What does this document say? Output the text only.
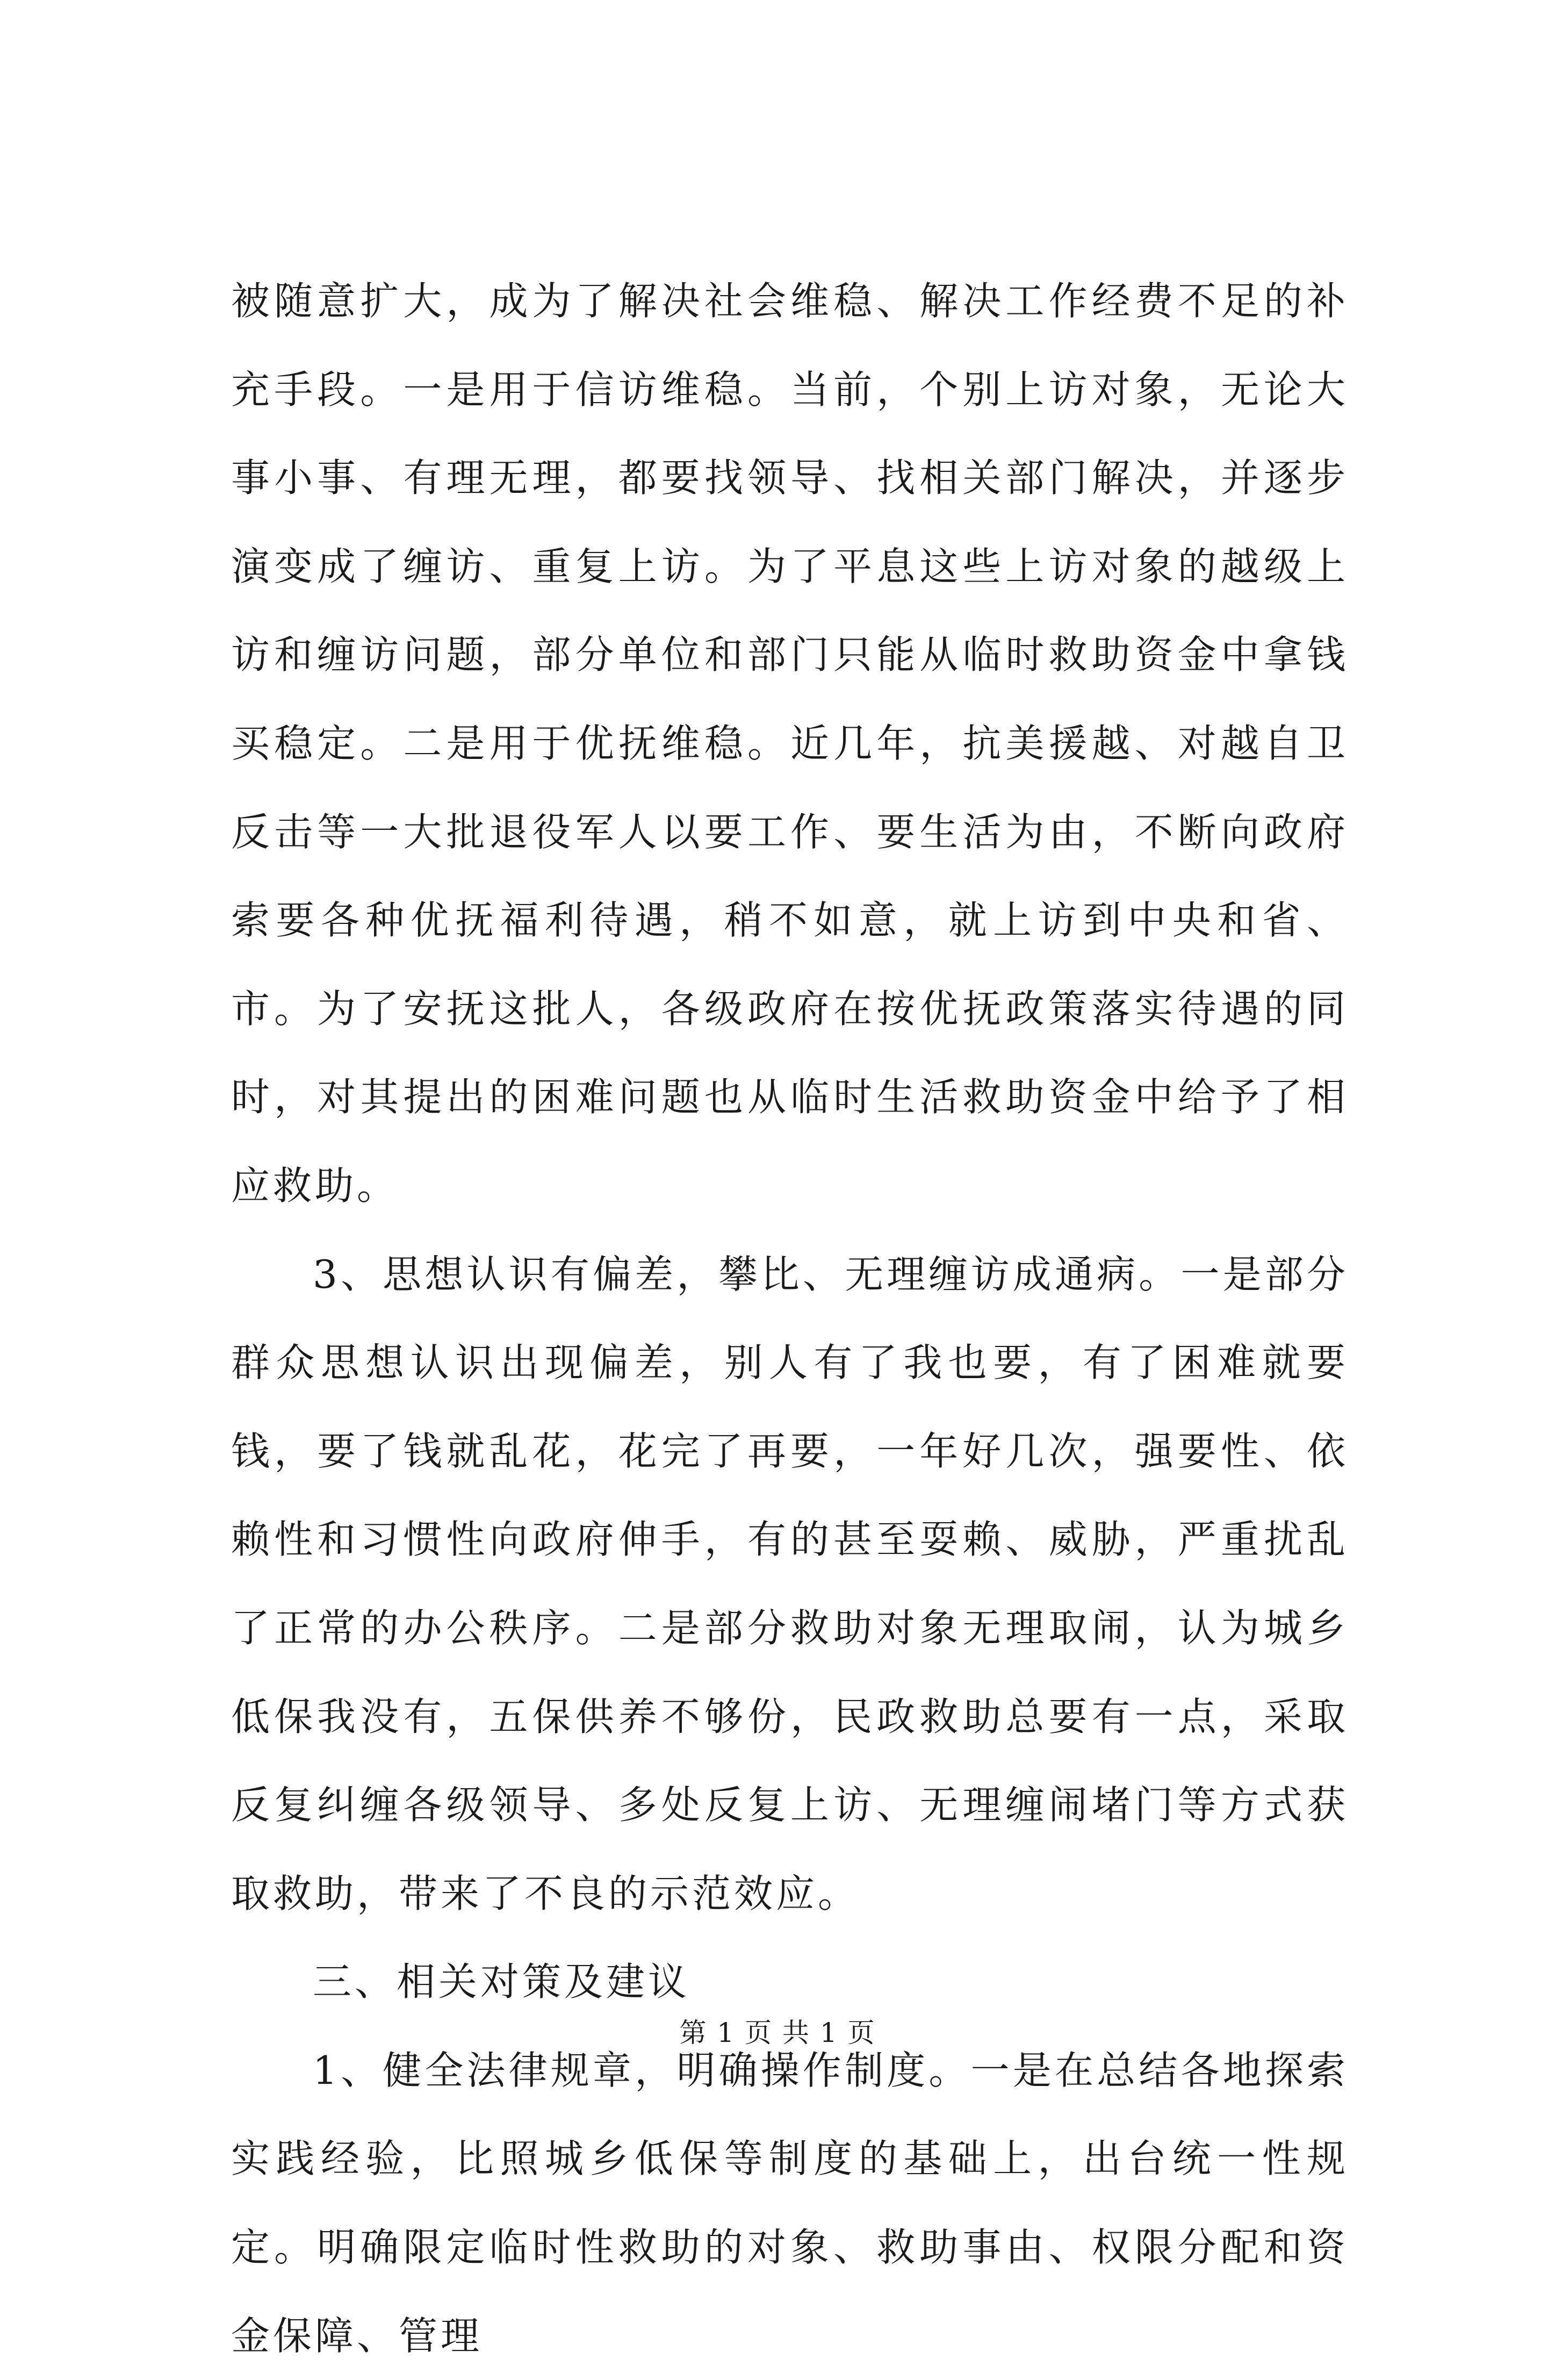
被随意扩大，成为了解决社会维稳、解决工作经费不足的补充手段。一是用于信访维稳。当前，个别上访对象，无论大事小事、有理无理，都要找领导、找相关部门解决，并逐步演变成了缠访、重复上访。为了平息这些上访对象的越级上访和缠访问题，部分单位和部门只能从临时救助资金中拿钱买稳定。二是用于优抚维稳。近几年，抗美援越、对越自卫反击等一大批退役军人以要工作、要生活为由，不断向政府索要各种优抚福利待遇，稍不如意，就上访到中央和省、市。为了安抚这批人，各级政府在按优抚政策落实待遇的同时，对其提出的困难问题也从临时生活救助资金中给予了相应救助。

3、思想认识有偏差，攀比、无理缠访成通病。一是部分群众思想认识出现偏差，别人有了我也要，有了困难就要钱，要了钱就乱花，花完了再要，一年好几次，强要性、依赖性和习惯性向政府伸手，有的甚至耍赖、威胁，严重扰乱了正常的办公秩序。二是部分救助对象无理取闹，认为城乡低保我没有，五保供养不够份，民政救助总要有一点，采取反复纠缠各级领导、多处反复上访、无理缠闹堵门等方式获取救助，带来了不良的示范效应。

三、相关对策及建议

1、健全法律规章，明确操作制度。一是在总结各地探索实践经验，比照城乡低保等制度的基础上，出台统一性规定。明确限定临时性救助的对象、救助事由、权限分配和资金保障、管理

第 1 页 共 1 页
